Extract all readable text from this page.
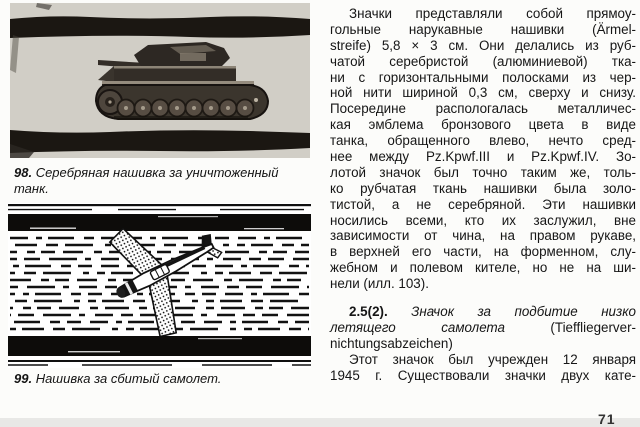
98. Серебряная нашивка за уничтоженный танк.
99. Нашивка за сбитый самолет.
Значки представляли собой прямоу-
гольные нарукавные нашивки (Ärmel-
streife) 5,8 × 3 см. Они делались из руб-
чатой серебристой (алюминиевой) тка-
ни с горизонтальными полосками из чер-
ной нити шириной 0,3 см, сверху и снизу.
Посередине распологалась металличес-
кая эмблема бронзового цвета в виде
танка, обращенного влево, нечто сред-
нее между Pz.Kpwf.III и Pz.Kpwf.IV. Зо-
лотой значок был точно таким же, толь-
ко рубчатая ткань нашивки была золо-
тистой, а не серебряной. Эти нашивки
носились всеми, кто их заслужил, вне
зависимости от чина, на правом рукаве,
в верхней его части, на форменном, слу-
жебном и полевом кителе, но не на ши-
нели (илл. 103).
2.5(2). Значок за подбитие низко
летящего самолета (Tieffliegerver-
nichtungsabzeichen)
Этот значок был учрежден 12 января
1945 г. Существовали значки двух кате-
71
